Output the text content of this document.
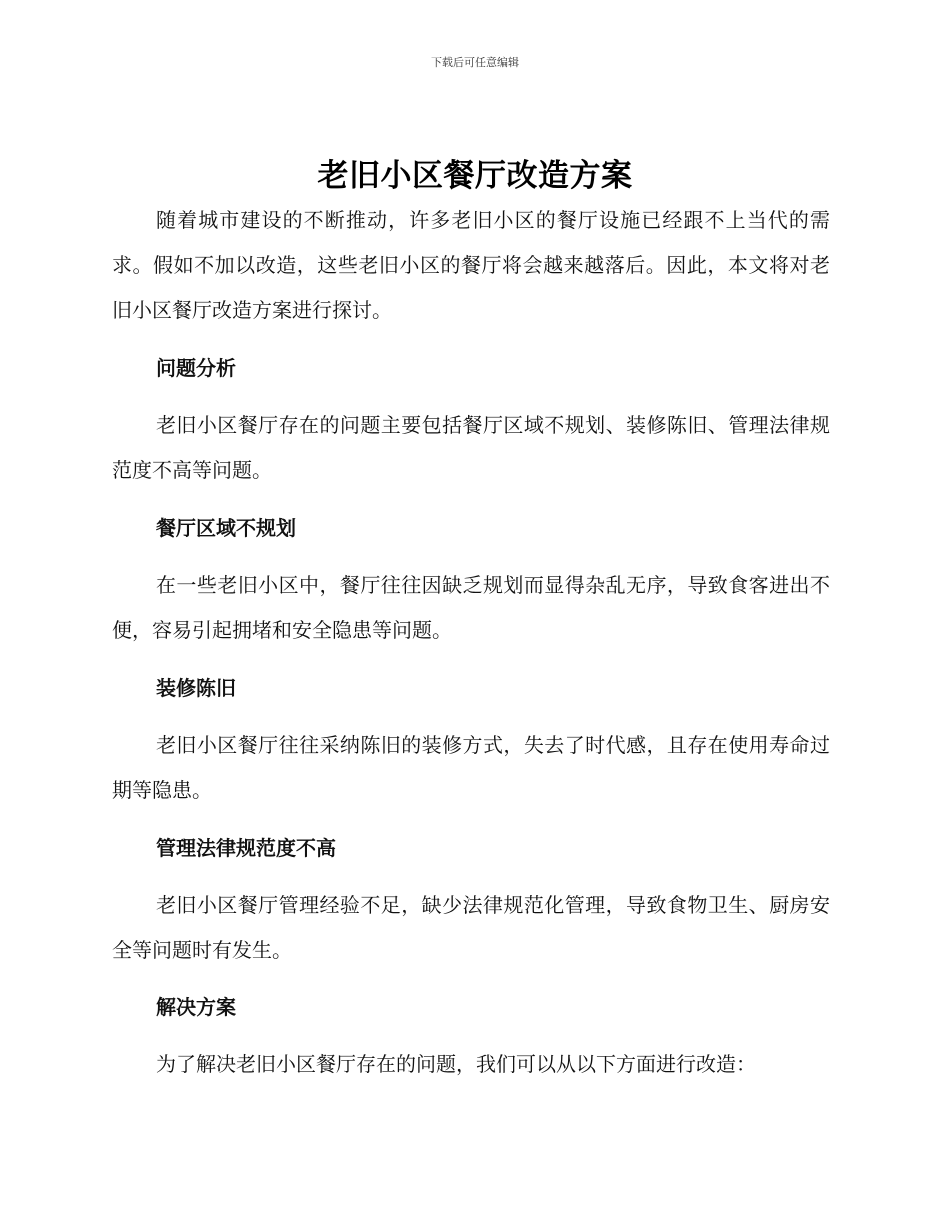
下载后可任意编辑
老旧小区餐厅改造方案

随着城市建设的不断推动，许多老旧小区的餐厅设施已经跟不上当代的需求。假如不加以改造，这些老旧小区的餐厅将会越来越落后。因此，本文将对老旧小区餐厅改造方案进行探讨。

问题分析

老旧小区餐厅存在的问题主要包括餐厅区域不规划、装修陈旧、管理法律规范度不高等问题。

餐厅区域不规划

在一些老旧小区中，餐厅往往因缺乏规划而显得杂乱无序，导致食客进出不便，容易引起拥堵和安全隐患等问题。

装修陈旧

老旧小区餐厅往往采纳陈旧的装修方式，失去了时代感，且存在使用寿命过期等隐患。

管理法律规范度不高

老旧小区餐厅管理经验不足，缺少法律规范化管理，导致食物卫生、厨房安全等问题时有发生。

解决方案

为了解决老旧小区餐厅存在的问题，我们可以从以下方面进行改造：
